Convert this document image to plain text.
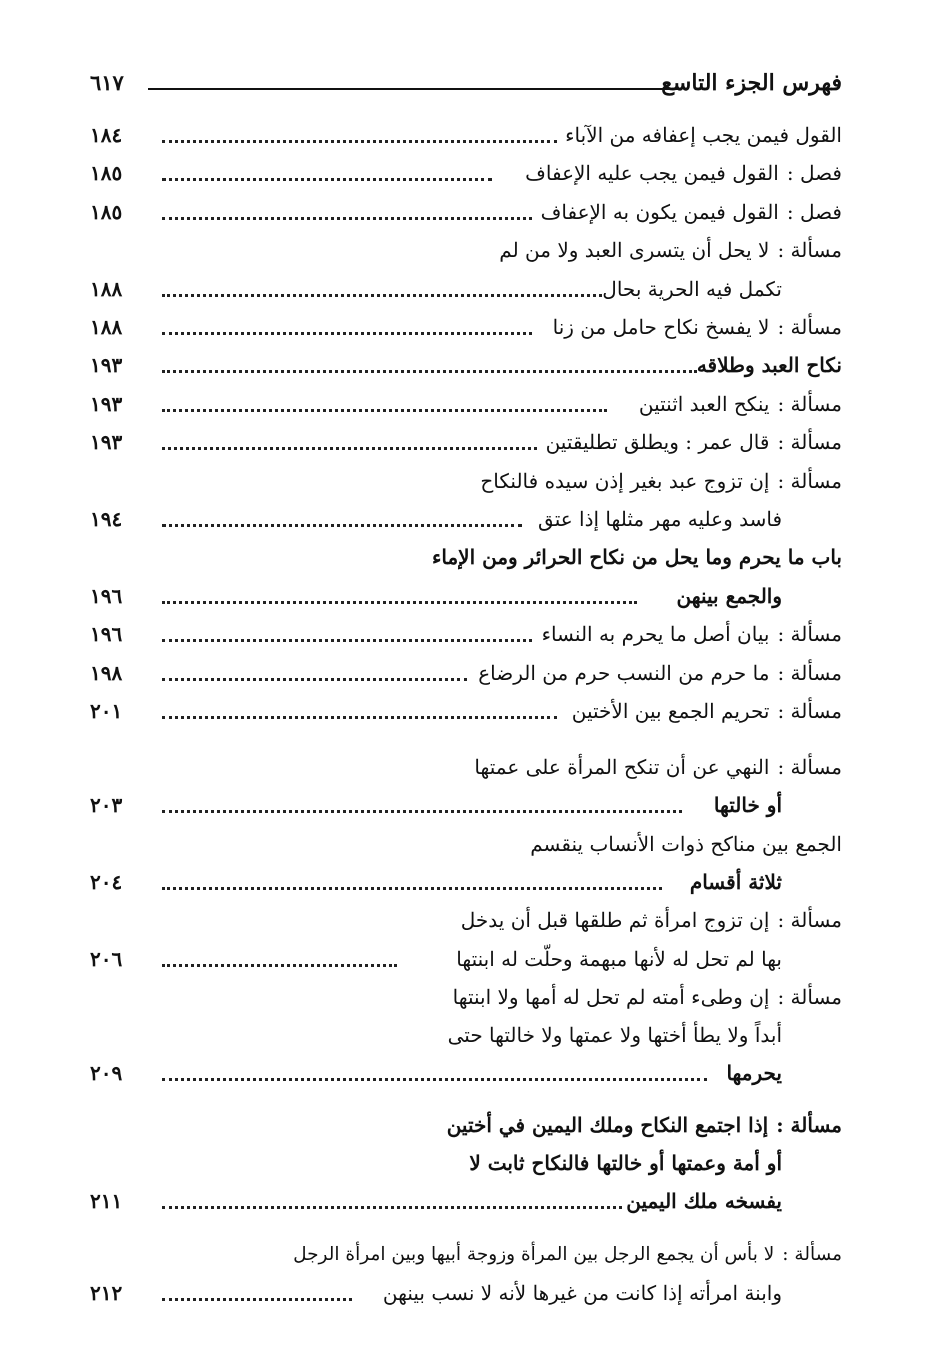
فهرس الجزء التاسع
٦١٧
القول فيمن يجب إعفافه من الآباء
١٨٤
فصل :القول فيمن يجب عليه الإعفاف
١٨٥
فصل :القول فيمن يكون به الإعفاف
١٨٥
مسألة :لا يحل أن يتسرى العبد ولا من لم
تكمل فيه الحرية بحال
١٨٨
مسألة :لا يفسخ نكاح حامل من زنا
١٨٨
نكاح العبد وطلاقه
١٩٣
مسألة :ينكح العبد اثنتين
١٩٣
مسألة :قال عمر : ويطلق تطليقتين
١٩٣
مسألة :إن تزوج عبد بغير إذن سيده فالنكاح
فاسد وعليه مهر مثلها إذا عتق
١٩٤
باب ما يحرم وما يحل من نكاح الحرائر ومن الإماء
والجمع بينهن
١٩٦
مسألة :بيان أصل ما يحرم به النساء
١٩٦
مسألة :ما حرم من النسب حرم من الرضاع
١٩٨
مسألة :تحريم الجمع بين الأختين
٢٠١
مسألة :النهي عن أن تنكح المرأة على عمتها
أو خالتها
٢٠٣
الجمع بين مناكح ذوات الأنساب ينقسم
ثلاثة أقسام
٢٠٤
مسألة :إن تزوج امرأة ثم طلقها قبل أن يدخل
بها لم تحل له لأنها مبهمة وحلّت له ابنتها
٢٠٦
مسألة :إن وطىء أمته لم تحل له أمها ولا ابنتها
أبداً ولا يطأ أختها ولا عمتها ولا خالتها حتى
يحرمها
٢٠٩
مسألة :إذا اجتمع النكاح وملك اليمين في أختين
أو أمة وعمتها أو خالتها فالنكاح ثابت لا
يفسخه ملك اليمين
٢١١
مسألة :لا بأس أن يجمع الرجل بين المرأة وزوجة أبيها وبين امرأة الرجل
وابنة امرأته إذا كانت من غيرها لأنه لا نسب بينهن
٢١٢
